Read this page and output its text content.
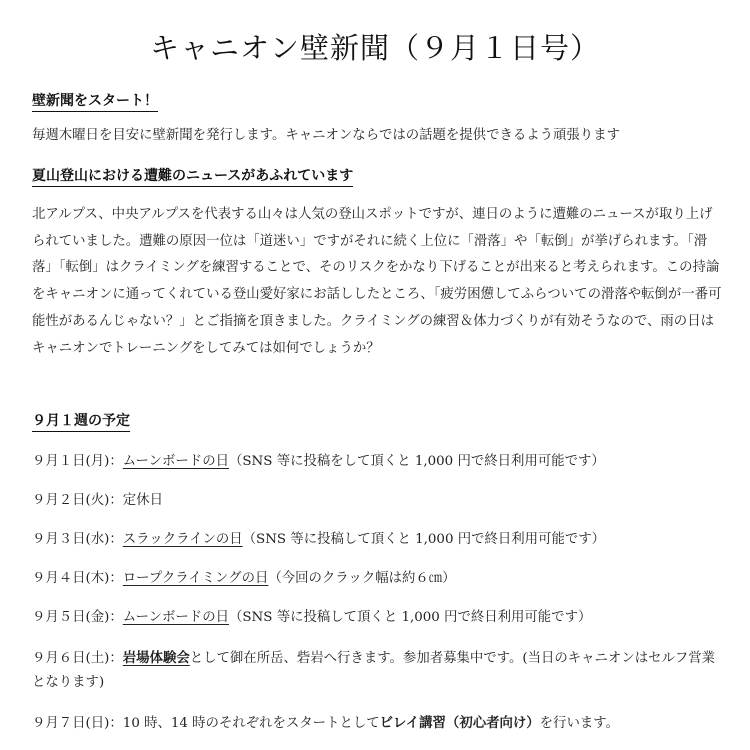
キャニオン壁新聞（９月１日号）
壁新聞をスタート！
毎週木曜日を目安に壁新聞を発行します。キャニオンならではの話題を提供できるよう頑張ります
夏山登山における遭難のニュースがあふれています
北アルプス、中央アルプスを代表する山々は人気の登山スポットですが、連日のように遭難のニュースが取り上げられていました。遭難の原因一位は「道迷い」ですがそれに続く上位に「滑落」や「転倒」が挙げられます。「滑落」「転倒」はクライミングを練習することで、そのリスクをかなり下げることが出来ると考えられます。この持論をキャニオンに通ってくれている登山愛好家にお話ししたところ、「疲労困憊してふらついての滑落や転倒が一番可能性があるんじゃない？」とご指摘を頂きました。クライミングの練習＆体力づくりが有効そうなので、雨の日はキャニオンでトレーニングをしてみては如何でしょうか？
９月１週の予定
９月１日(月)：ムーンボードの日（SNS 等に投稿をして頂くと 1,000 円で終日利用可能です）
９月２日(火)：定休日
９月３日(水)：スラックラインの日（SNS 等に投稿して頂くと 1,000 円で終日利用可能です）
９月４日(木)：ロープクライミングの日（今回のクラック幅は約６㎝）
９月５日(金)：ムーンボードの日（SNS 等に投稿して頂くと 1,000 円で終日利用可能です）
９月６日(土)：岩場体験会として御在所岳、砦岩へ行きます。参加者募集中です。(当日のキャニオンはセルフ営業となります)
９月７日(日)：10 時、14 時のそれぞれをスタートとしてビレイ講習（初心者向け）を行います。
